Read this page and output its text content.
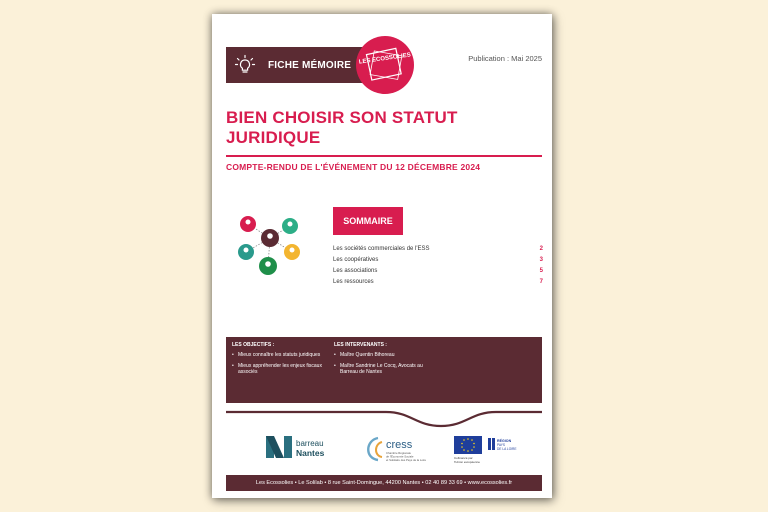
FICHE MÉMOIRE	LES ECOSSOLIES	Publication : Mai 2025
BIEN CHOISIR SON STATUT
JURIDIQUE
COMPTE-RENDU DE L'ÉVÉNEMENT DU 12 DÉCEMBRE 2024
SOMMAIRE
Les sociétés commerciales de l'ESS	2
Les coopératives	3
Les associations	5
Les ressources	7
LES OBJECTIFS :
• Mieux connaître les statuts juridiques
• Mieux appréhender les enjeux fiscaux associés
LES INTERVENANTS :
• Maître Quentin Bihoreau
• Maître Sandrine Le Cocq, Avocats au Barreau de Nantes
barreau
Nantes
cress
Chambre Régionale
de l'Économie Sociale
et Solidaire des Pays de la Loire	Cofinancé par
l'Union européenne
RÉGION
PAYS
DE LA LOIRE
Les Ecossolies • Le Solilab • 8 rue Saint-Domingue, 44200 Nantes • 02 40 89 33 69 • www.ecossolies.fr
